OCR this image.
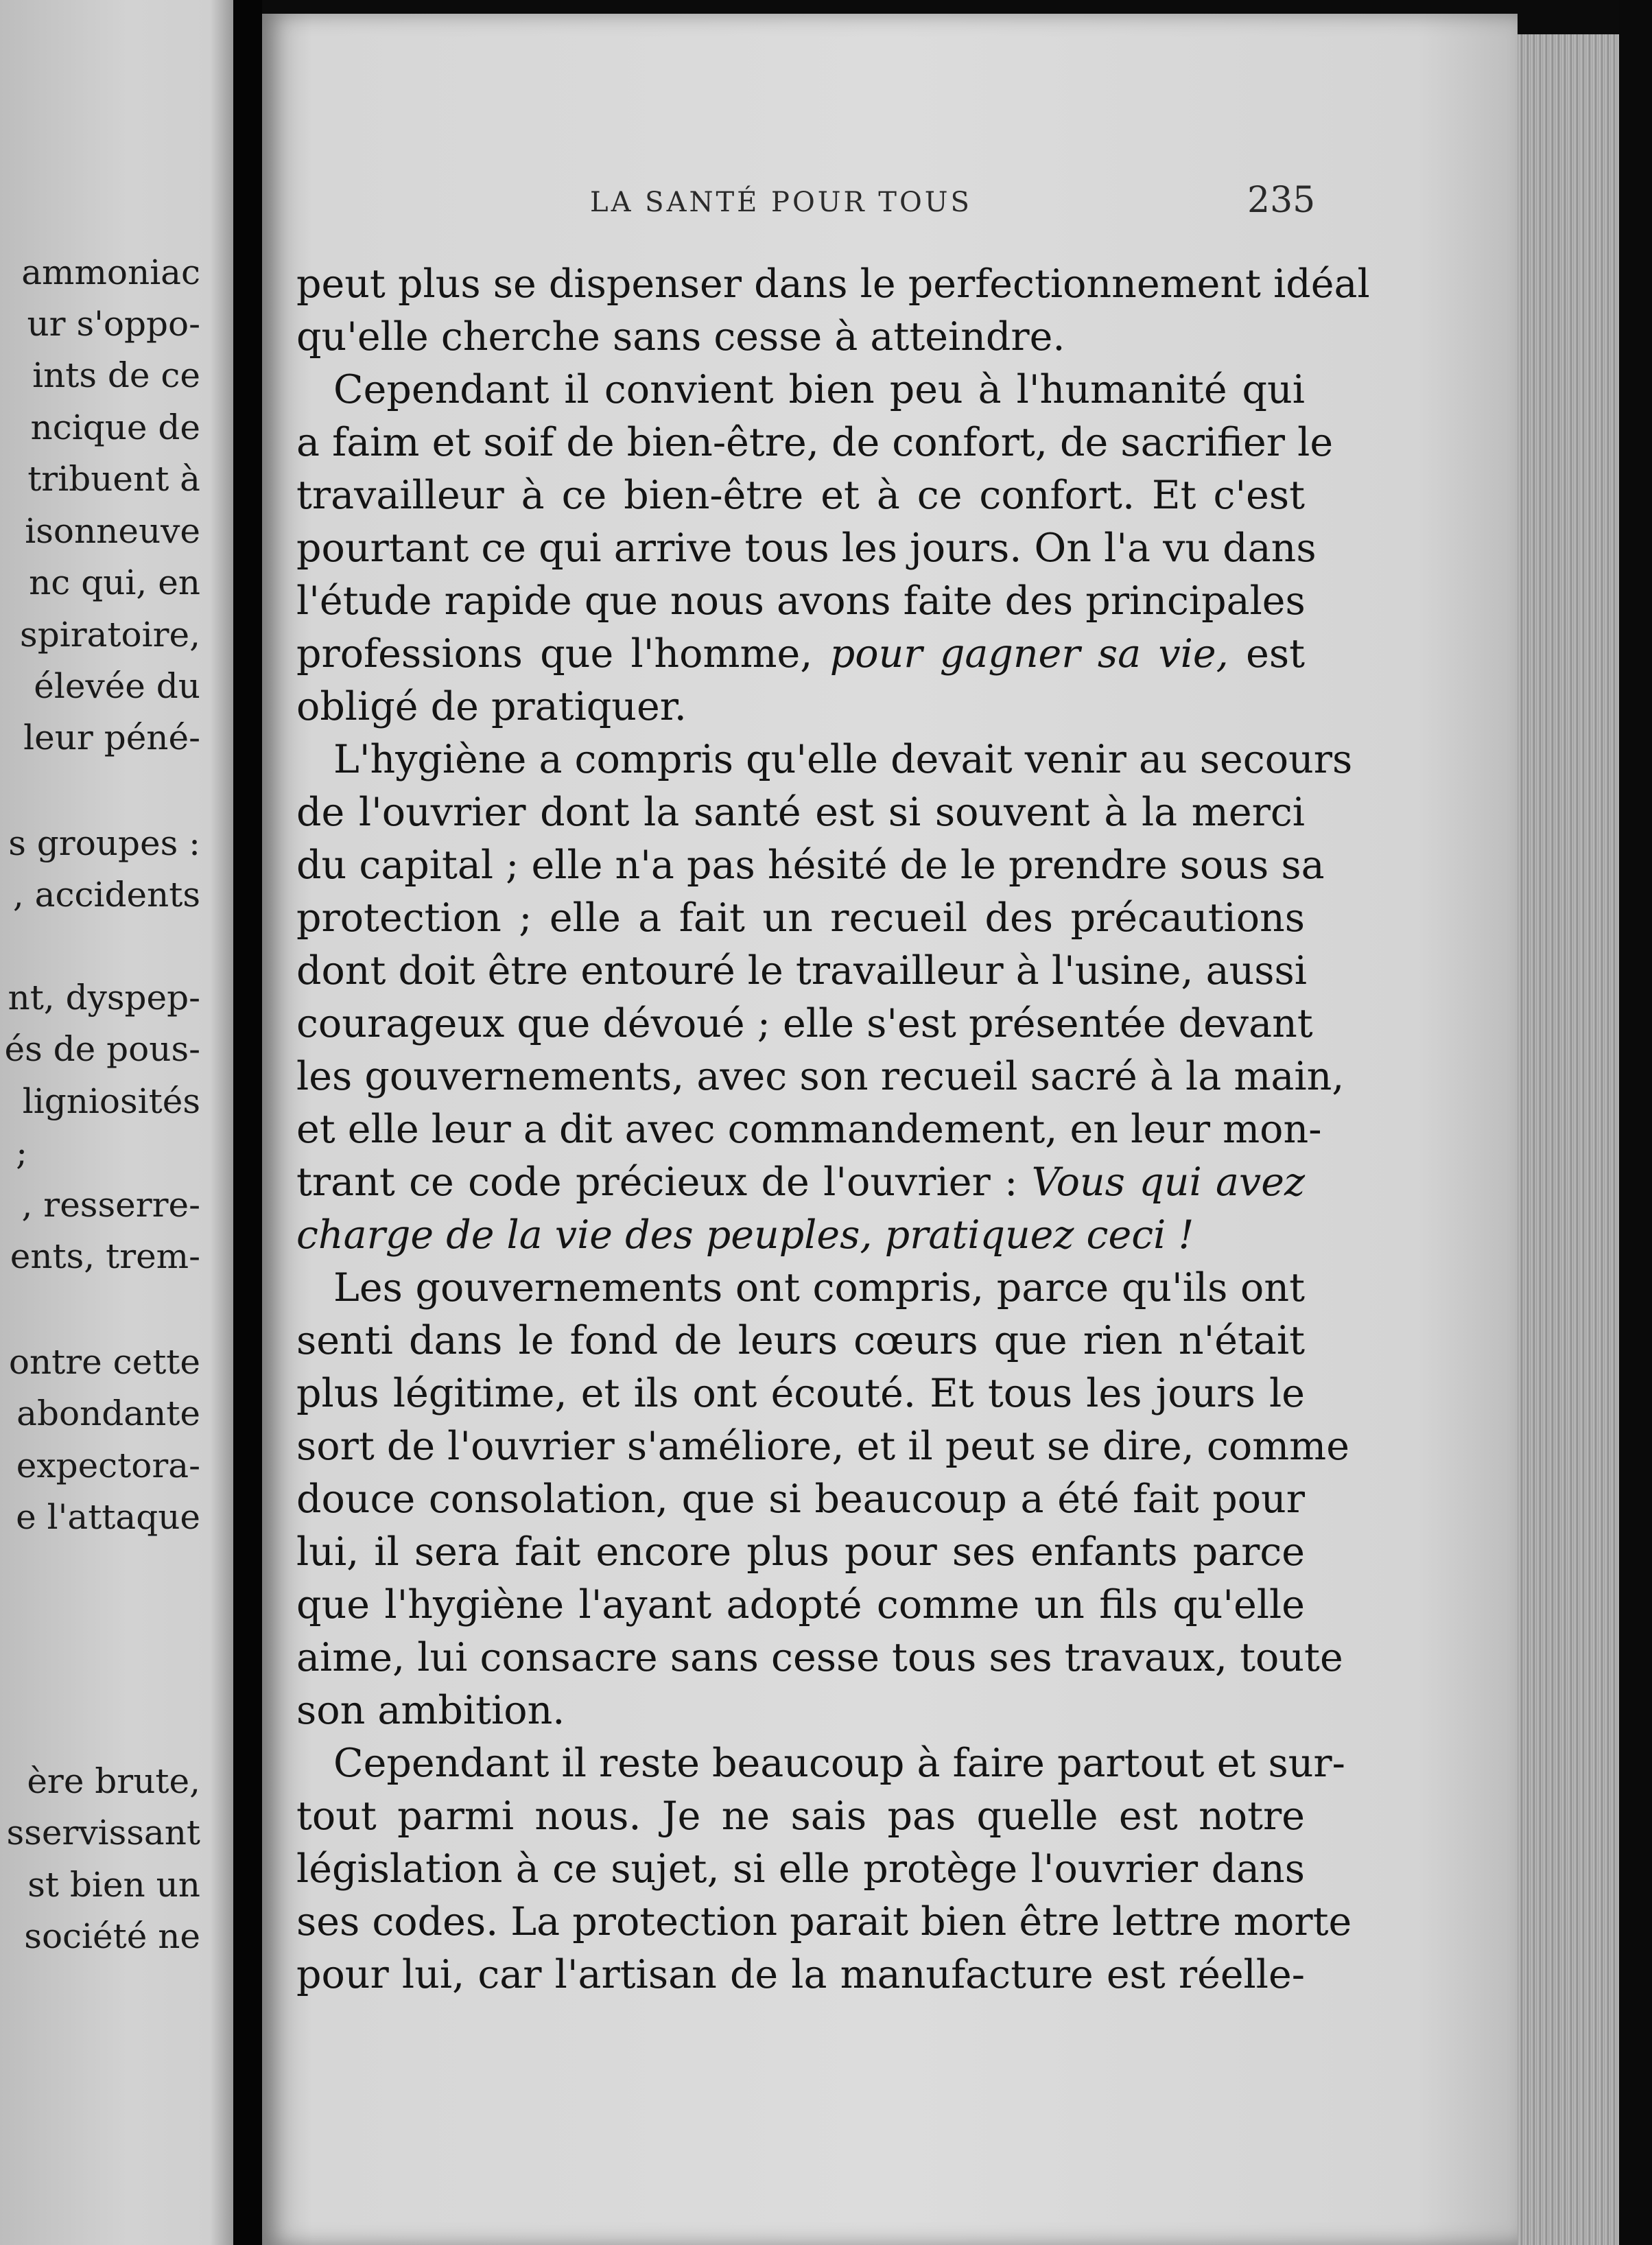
ammoniac
ur s'oppo-
ints de ce
ncique de
tribuent à
isonneuve
nc qui, en
spiratoire,
élevée du
leur péné-
s groupes :
, accidents
nt, dyspep-
és de pous-
ligniosités
;
, resserre-
ents, trem-
ontre cette
abondante
expectora-
e l'attaque
ère brute,
sservissant
st bien un
société ne
LA SANTÉ POUR TOUS	235
peut plus se dispenser dans le perfectionnement idéal
qu'elle cherche sans cesse à atteindre.
Cependant il convient bien peu à l'humanité qui
a faim et soif de bien-être, de confort, de sacrifier le
travailleur à ce bien-être et à ce confort. Et c'est
pourtant ce qui arrive tous les jours. On l'a vu dans
l'étude rapide que nous avons faite des principales
professions que l'homme, pour gagner sa vie, est
obligé de pratiquer.
L'hygiène a compris qu'elle devait venir au secours
de l'ouvrier dont la santé est si souvent à la merci
du capital ; elle n'a pas hésité de le prendre sous sa
protection ; elle a fait un recueil des précautions
dont doit être entouré le travailleur à l'usine, aussi
courageux que dévoué ; elle s'est présentée devant
les gouvernements, avec son recueil sacré à la main,
et elle leur a dit avec commandement, en leur mon-
trant ce code précieux de l'ouvrier : Vous qui avez
charge de la vie des peuples, pratiquez ceci !
Les gouvernements ont compris, parce qu'ils ont
senti dans le fond de leurs cœurs que rien n'était
plus légitime, et ils ont écouté. Et tous les jours le
sort de l'ouvrier s'améliore, et il peut se dire, comme
douce consolation, que si beaucoup a été fait pour
lui, il sera fait encore plus pour ses enfants parce
que l'hygiène l'ayant adopté comme un fils qu'elle
aime, lui consacre sans cesse tous ses travaux, toute
son ambition.
Cependant il reste beaucoup à faire partout et sur-
tout parmi nous. Je ne sais pas quelle est notre
législation à ce sujet, si elle protège l'ouvrier dans
ses codes. La protection parait bien être lettre morte
pour lui, car l'artisan de la manufacture est réelle-
